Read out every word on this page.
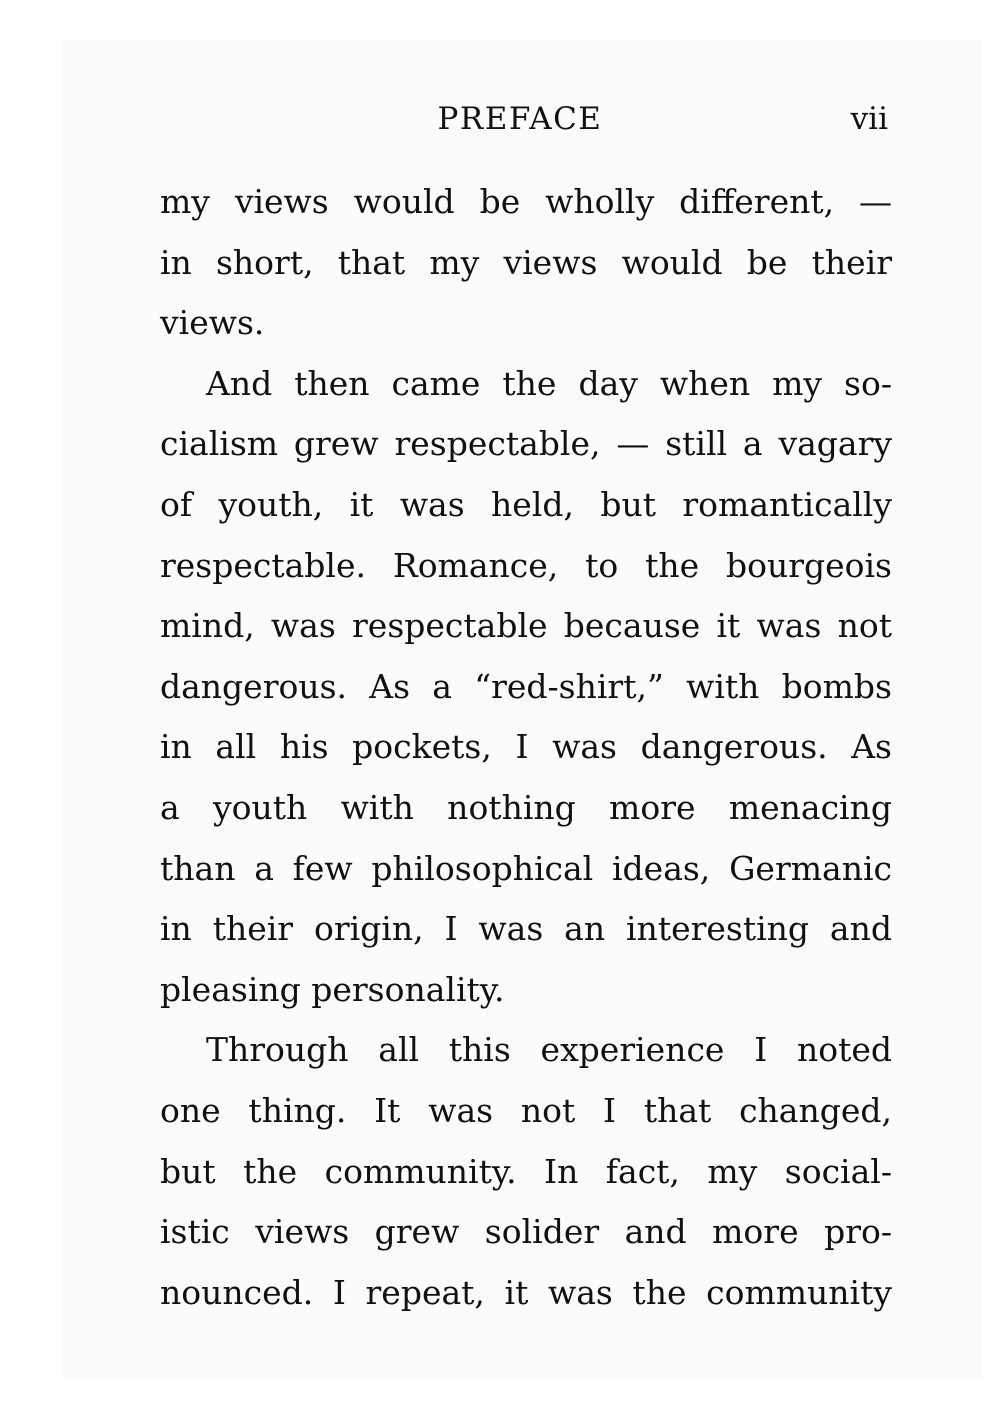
PREFACE	vii
my views would be wholly different, —
in short, that my views would be their
views.
And then came the day when my so-
cialism grew respectable, — still a vagary
of youth, it was held, but romantically
respectable. Romance, to the bourgeois
mind, was respectable because it was not
dangerous. As a “red-shirt,” with bombs
in all his pockets, I was dangerous. As
a youth with nothing more menacing
than a few philosophical ideas, Germanic
in their origin, I was an interesting and
pleasing personality.
Through all this experience I noted
one thing. It was not I that changed,
but the community. In fact, my social-
istic views grew solider and more pro-
nounced. I repeat, it was the community
